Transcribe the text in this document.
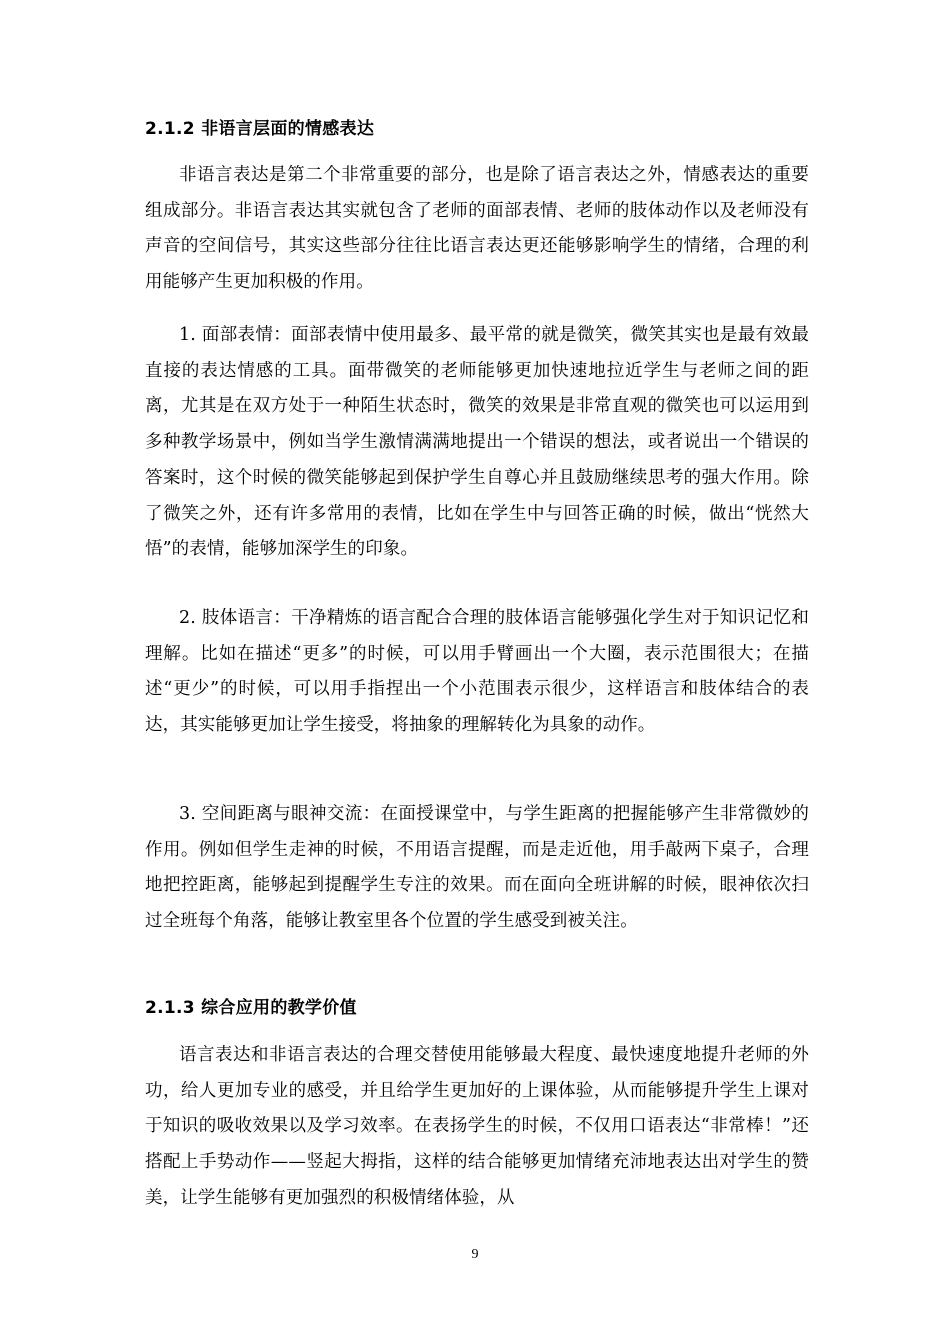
2.1.2 非语言层面的情感表达

非语言表达是第二个非常重要的部分，也是除了语言表达之外，情感表达的重要组成部分。非语言表达其实就包含了老师的面部表情、老师的肢体动作以及老师没有声音的空间信号，其实这些部分往往比语言表达更还能够影响学生的情绪，合理的利用能够产生更加积极的作用。

1. 面部表情：面部表情中使用最多、最平常的就是微笑，微笑其实也是最有效最直接的表达情感的工具。面带微笑的老师能够更加快速地拉近学生与老师之间的距离，尤其是在双方处于一种陌生状态时，微笑的效果是非常直观的微笑也可以运用到多种教学场景中，例如当学生激情满满地提出一个错误的想法，或者说出一个错误的答案时，这个时候的微笑能够起到保护学生自尊心并且鼓励继续思考的强大作用。除了微笑之外，还有许多常用的表情，比如在学生中与回答正确的时候，做出“恍然大悟”的表情，能够加深学生的印象。

2. 肢体语言：干净精炼的语言配合合理的肢体语言能够强化学生对于知识记忆和理解。比如在描述“更多”的时候，可以用手臂画出一个大圈，表示范围很大；在描述“更少”的时候，可以用手指捏出一个小范围表示很少，这样语言和肢体结合的表达，其实能够更加让学生接受，将抽象的理解转化为具象的动作。

3. 空间距离与眼神交流：在面授课堂中，与学生距离的把握能够产生非常微妙的作用。例如但学生走神的时候，不用语言提醒，而是走近他，用手敲两下桌子，合理地把控距离，能够起到提醒学生专注的效果。而在面向全班讲解的时候，眼神依次扫过全班每个角落，能够让教室里各个位置的学生感受到被关注。

2.1.3 综合应用的教学价值

语言表达和非语言表达的合理交替使用能够最大程度、最快速度地提升老师的外功，给人更加专业的感受，并且给学生更加好的上课体验，从而能够提升学生上课对于知识的吸收效果以及学习效率。在表扬学生的时候，不仅用口语表达“非常棒！”还搭配上手势动作——竖起大拇指，这样的结合能够更加情绪充沛地表达出对学生的赞美，让学生能够有更加强烈的积极情绪体验，从

9
